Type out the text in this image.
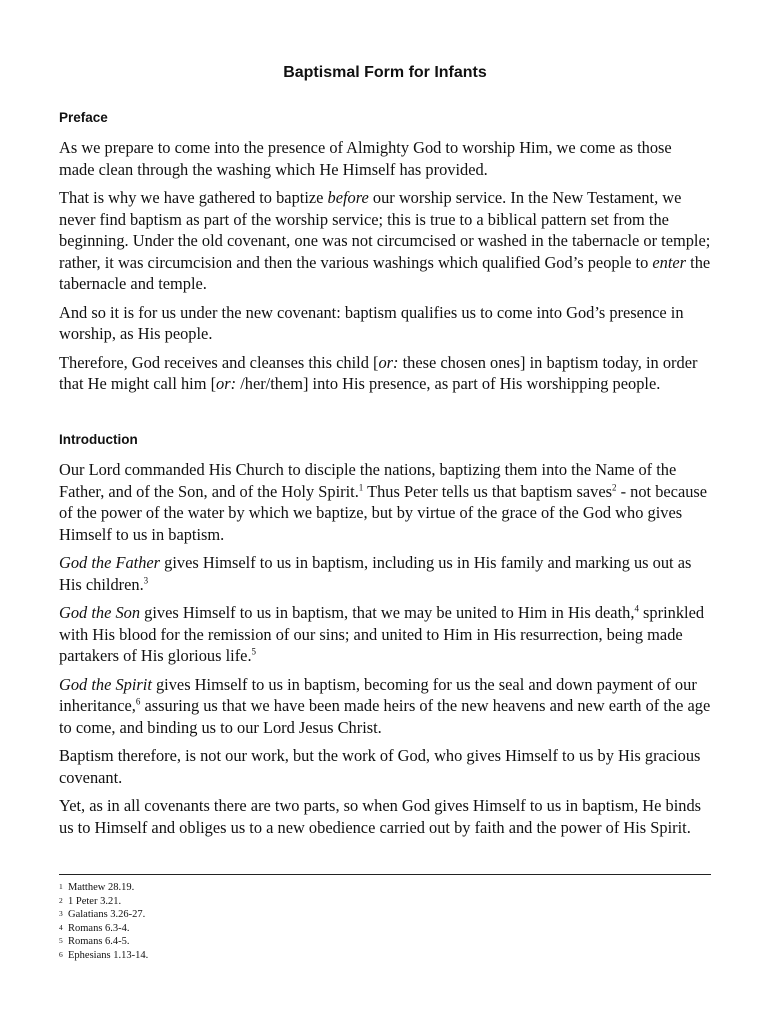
Baptismal Form for Infants
Preface

As we prepare to come into the presence of Almighty God to worship Him, we come as those made clean through the washing which He Himself has provided.

That is why we have gathered to baptize before our worship service. In the New Testament, we never find baptism as part of the worship service; this is true to a biblical pattern set from the beginning. Under the old covenant, one was not circumcised or washed in the tabernacle or temple; rather, it was circumcision and then the various washings which qualified God’s people to enter the tabernacle and temple.

And so it is for us under the new covenant: baptism qualifies us to come into God’s presence in worship, as His people.

Therefore, God receives and cleanses this child [or: these chosen ones] in baptism today, in order that He might call him [or: /her/them] into His presence, as part of His worshipping people.

Introduction

Our Lord commanded His Church to disciple the nations, baptizing them into the Name of the Father, and of the Son, and of the Holy Spirit.$^1$ Thus Peter tells us that baptism saves$^2$ - not because of the power of the water by which we baptize, but by virtue of the grace of the God who gives Himself to us in baptism.

God the Father gives Himself to us in baptism, including us in His family and marking us out as His children.$^3$

God the Son gives Himself to us in baptism, that we may be united to Him in His death,$^4$ sprinkled with His blood for the remission of our sins; and united to Him in His resurrection, being made partakers of His glorious life.$^5$

God the Spirit gives Himself to us in baptism, becoming for us the seal and down payment of our inheritance,$^6$ assuring us that we have been made heirs of the new heavens and new earth of the age to come, and binding us to our Lord Jesus Christ.

Baptism therefore, is not our work, but the work of God, who gives Himself to us by His gracious covenant.

Yet, as in all covenants there are two parts, so when God gives Himself to us in baptism, He binds us to Himself and obliges us to a new obedience carried out by faith and the power of His Spirit.

1 Matthew 28.19.
2 1 Peter 3.21.
3 Galatians 3.26-27.
4 Romans 6.3-4.
5 Romans 6.4-5.
6 Ephesians 1.13-14.
